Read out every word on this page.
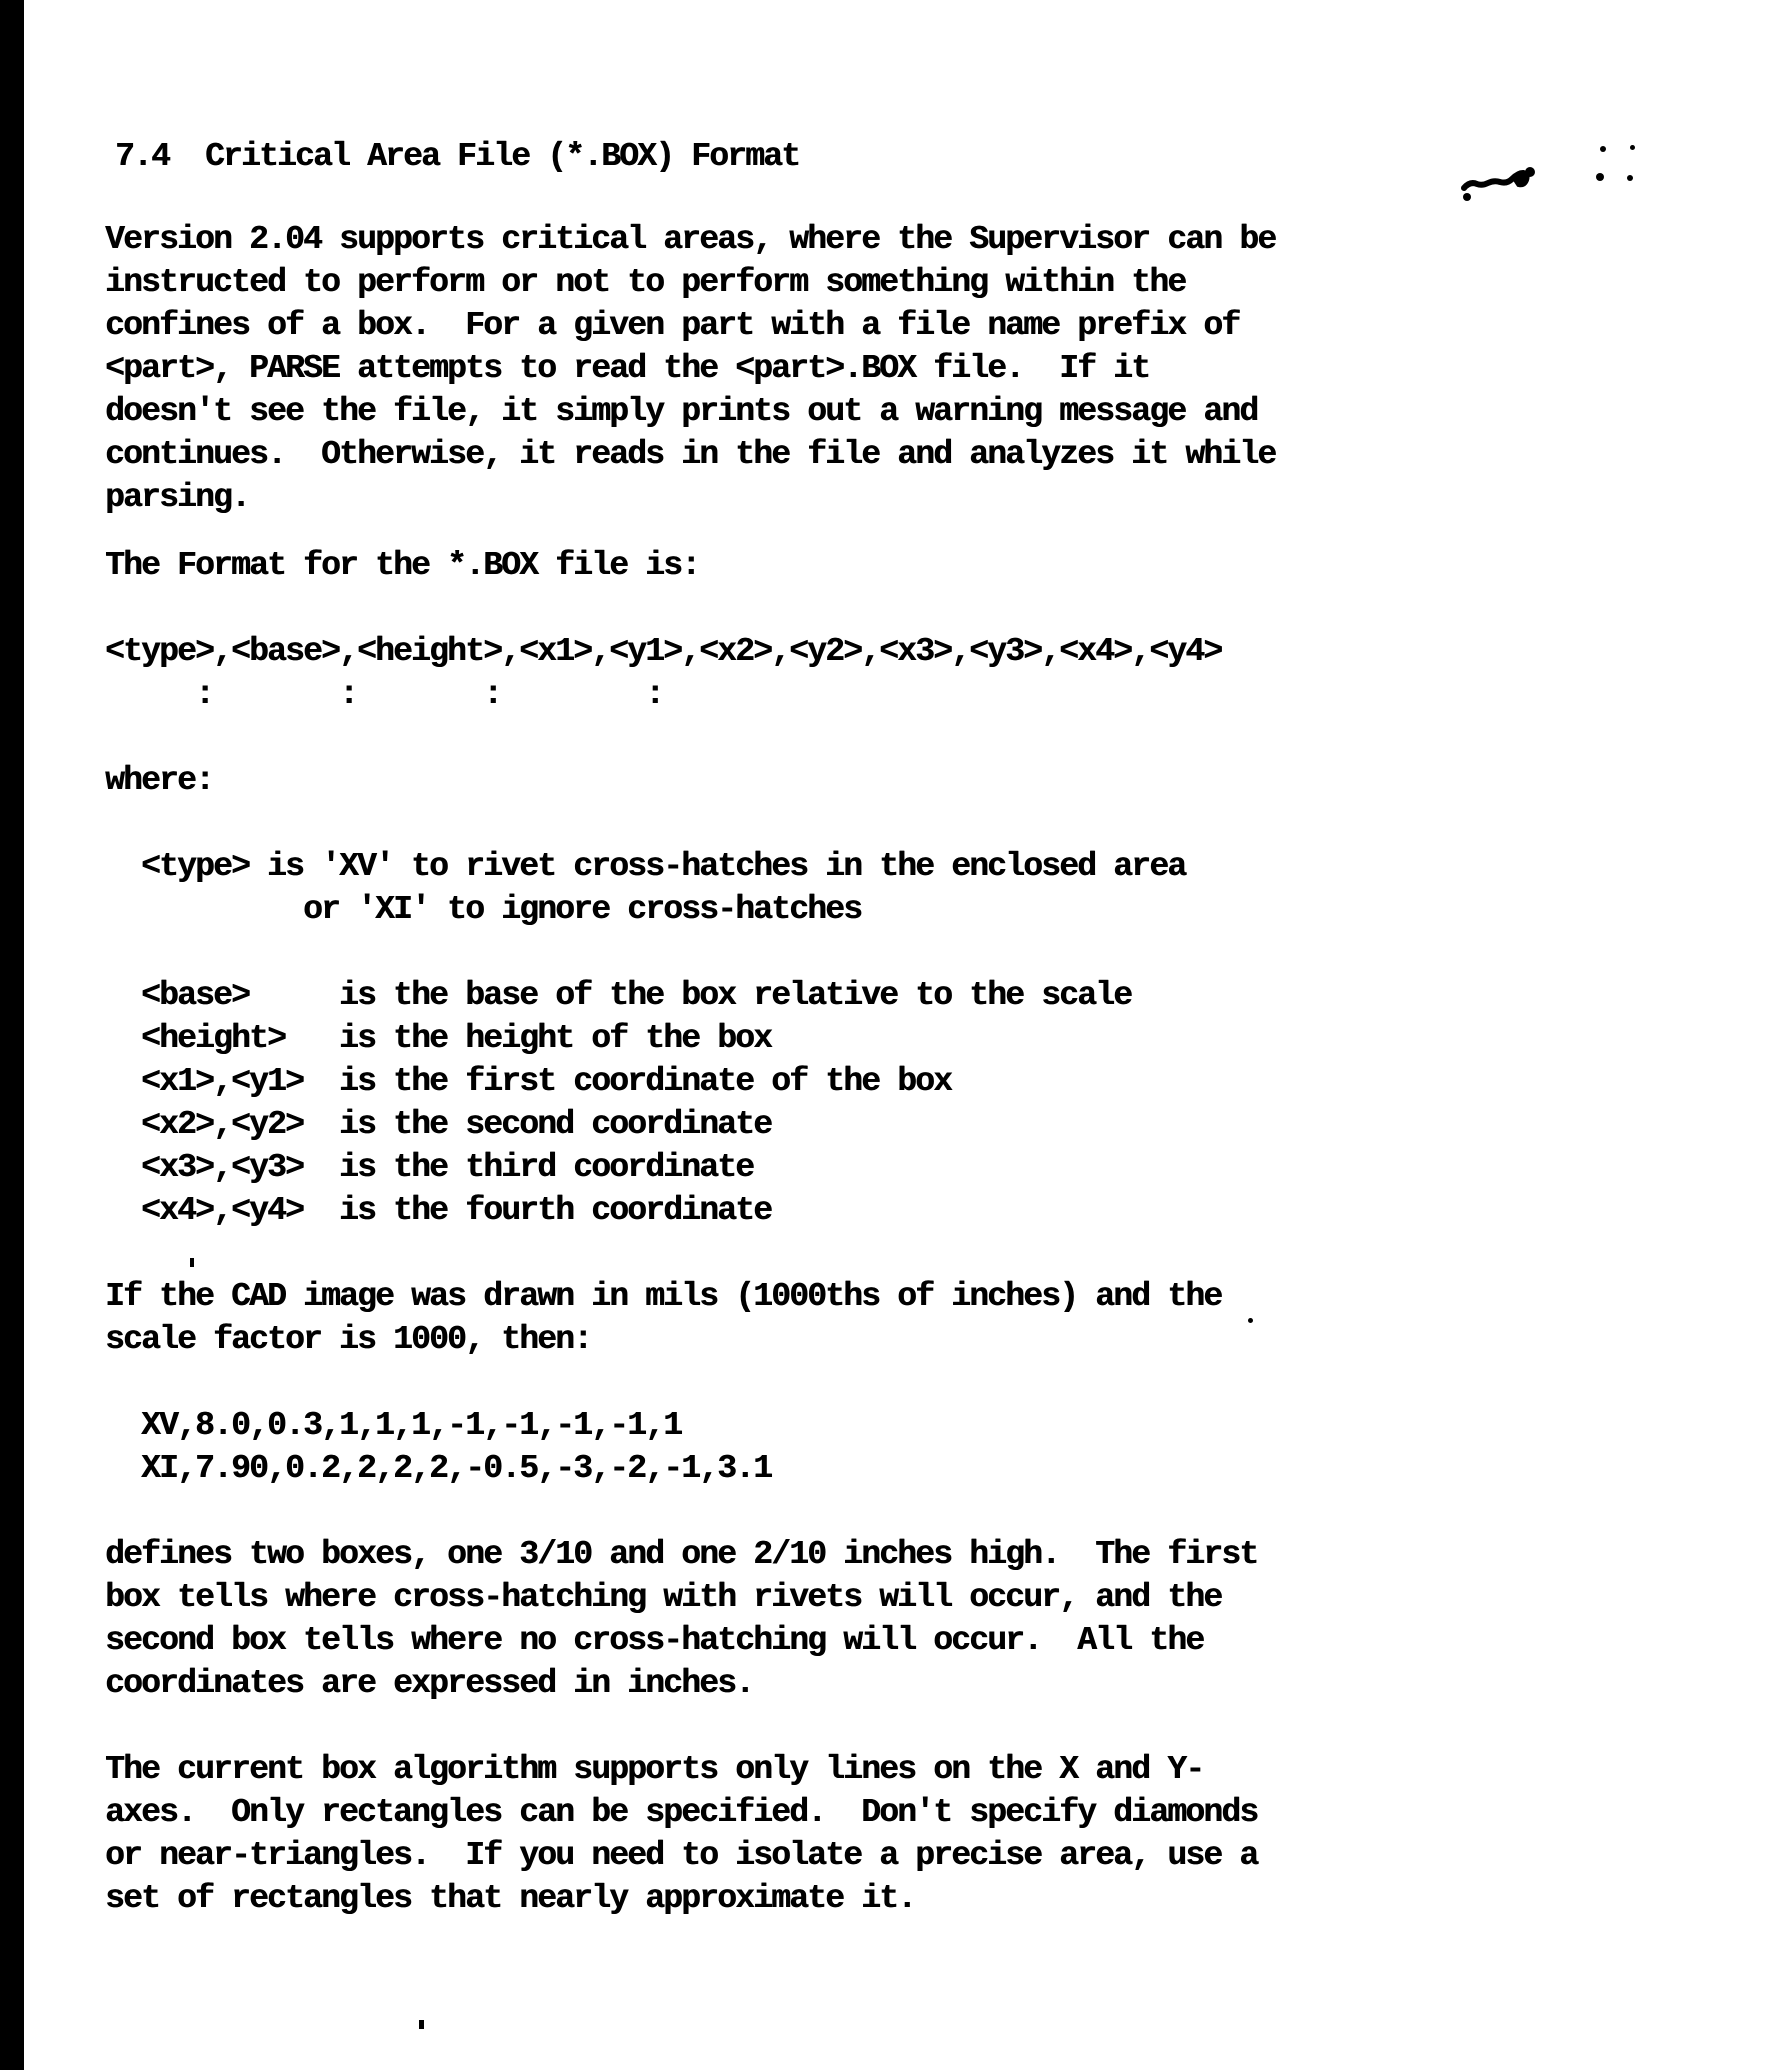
7.4  Critical Area File (*.BOX) Format
Version 2.04 supports critical areas, where the Supervisor can be
instructed to perform or not to perform something within the
confines of a box.  For a given part with a file name prefix of
<part>, PARSE attempts to read the <part>.BOX file.  If it
doesn't see the file, it simply prints out a warning message and
continues.  Otherwise, it reads in the file and analyzes it while
parsing.
The Format for the *.BOX file is:
<type>,<base>,<height>,<x1>,<y1>,<x2>,<y2>,<x3>,<y3>,<x4>,<y4>
:       :       :        :
where:
<type> is 'XV' to rivet cross-hatches in the enclosed area
or 'XI' to ignore cross-hatches
<base>     is the base of the box relative to the scale
<height>   is the height of the box
<x1>,<y1>  is the first coordinate of the box
<x2>,<y2>  is the second coordinate
<x3>,<y3>  is the third coordinate
<x4>,<y4>  is the fourth coordinate
If the CAD image was drawn in mils (1000ths of inches) and the
scale factor is 1000, then:
XV,8.0,0.3,1,1,1,-1,-1,-1,-1,1
XI,7.90,0.2,2,2,2,-0.5,-3,-2,-1,3.1
defines two boxes, one 3/10 and one 2/10 inches high.  The first
box tells where cross-hatching with rivets will occur, and the
second box tells where no cross-hatching will occur.  All the
coordinates are expressed in inches.
The current box algorithm supports only lines on the X and Y-
axes.  Only rectangles can be specified.  Don't specify diamonds
or near-triangles.  If you need to isolate a precise area, use a
set of rectangles that nearly approximate it.
